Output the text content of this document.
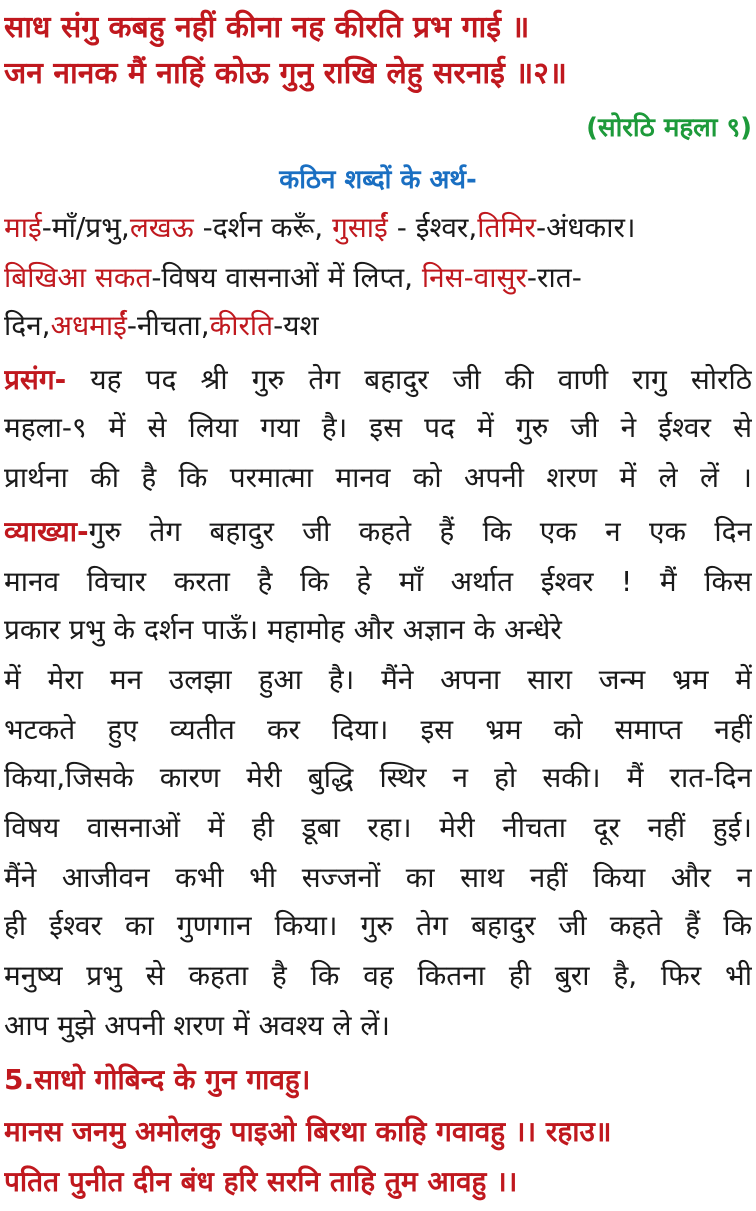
साध संगु कबहु नहीं कीना नह कीरति प्रभ गाई ॥
जन नानक मैं नाहिं कोऊ गुनु राखि लेहु सरनाई ॥२॥
(सोरठि महला ९)
कठिन शब्दों के अर्थ-
माई-माँ/प्रभु,लखऊ -दर्शन करूँ, गुसाईं - ईश्वर,तिमिर-अंधकार।
बिखिआ सकत-विषय वासनाओं में लिप्त, निस-वासुर-रात-
दिन,अधमाईं-नीचता,कीरति-यश
प्रसंग- यह पद श्री गुरु तेग बहादुर जी की वाणी रागु सोरठि
महला-९ में से लिया गया है। इस पद में गुरु जी ने ईश्वर से
प्रार्थना की है कि परमात्मा मानव को अपनी शरण में ले लें ।
व्याख्या-गुरु तेग बहादुर जी कहते हैं कि एक न एक दिन
मानव विचार करता है कि हे माँ अर्थात ईश्वर ! मैं किस
प्रकार प्रभु के दर्शन पाऊँ। महामोह और अज्ञान के अन्धेरे
में मेरा मन उलझा हुआ है। मैंने अपना सारा जन्म भ्रम में
भटकते हुए व्यतीत कर दिया। इस भ्रम को समाप्त नहीं
किया,जिसके कारण मेरी बुद्धि स्थिर न हो सकी। मैं रात-दिन
विषय वासनाओं में ही डूबा रहा। मेरी नीचता दूर नहीं हुई।
मैंने आजीवन कभी भी सज्जनों का साथ नहीं किया और न
ही ईश्वर का गुणगान किया। गुरु तेग बहादुर जी कहते हैं कि
मनुष्य प्रभु से कहता है कि वह कितना ही बुरा है, फिर भी
आप मुझे अपनी शरण में अवश्य ले लें।
5.साधो गोबिन्द के गुन गावहु।
मानस जनमु अमोलकु पाइओ बिरथा काहि गवावहु ।। रहाउ॥
पतित पुनीत दीन बंध हरि सरनि ताहि तुम आवहु ।।
